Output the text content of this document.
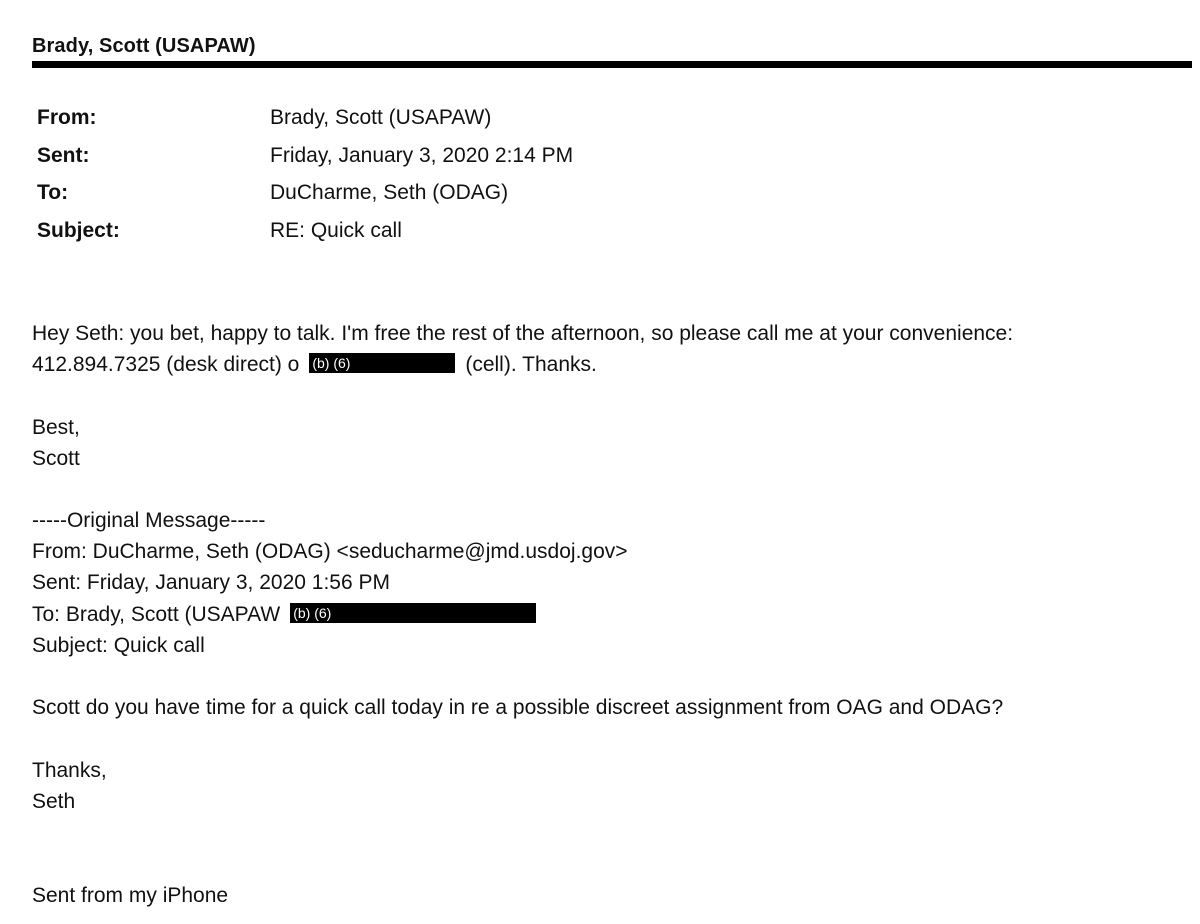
Brady, Scott (USAPAW)
From:	Brady, Scott (USAPAW)
Sent:	Friday, January 3, 2020 2:14 PM
To:	DuCharme, Seth (ODAG)
Subject:	RE: Quick call
Hey Seth: you bet, happy to talk. I'm free the rest of the afternoon, so please call me at your convenience:
412.894.7325 (desk direct) o (b) (6)	(cell). Thanks.
Best,
Scott
-----Original Message-----
From: DuCharme, Seth (ODAG) <seducharme@jmd.usdoj.gov>
Sent: Friday, January 3, 2020 1:56 PM
To: Brady, Scott (USAPAW (b) (6)
Subject: Quick call
Scott do you have time for a quick call today in re a possible discreet assignment from OAG and ODAG?
Thanks,
Seth
Sent from my iPhone
